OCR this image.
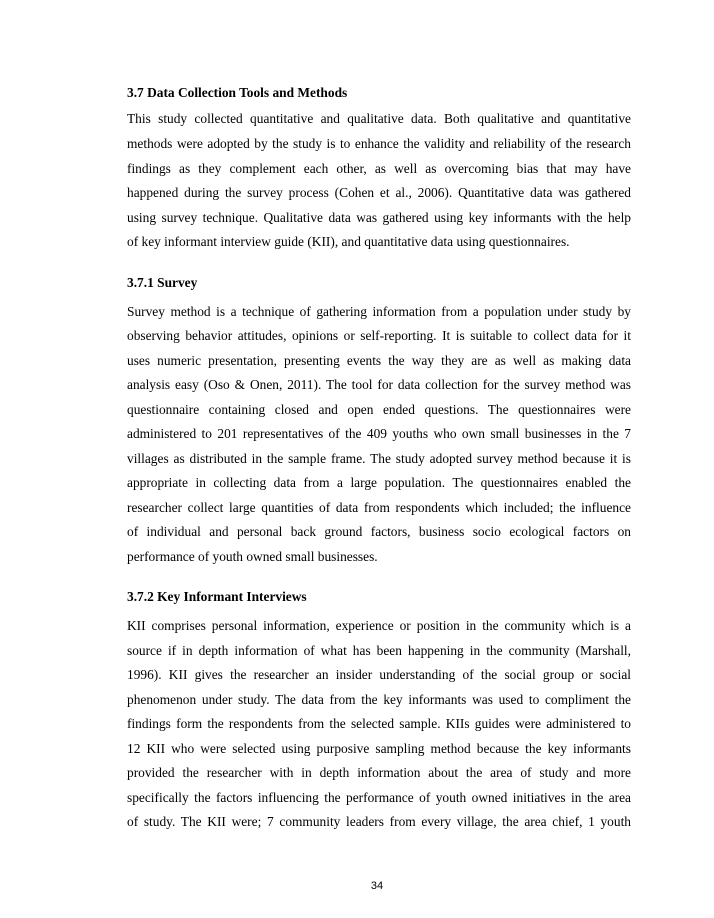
3.7 Data Collection Tools and Methods
This study collected quantitative and qualitative data. Both qualitative and quantitative
methods were adopted by the study is to enhance the validity and reliability of the research
findings as they complement each other, as well as overcoming bias that may have
happened during the survey process (Cohen et al., 2006). Quantitative data was gathered
using survey technique. Qualitative data was gathered using key informants with the help
of key informant interview guide (KII), and quantitative data using questionnaires.
3.7.1 Survey
Survey method is a technique of gathering information from a population under study by
observing behavior attitudes, opinions or self-reporting. It is suitable to collect data for it
uses numeric presentation, presenting events the way they are as well as making data
analysis easy (Oso & Onen, 2011). The tool for data collection for the survey method was
questionnaire containing closed and open ended questions. The questionnaires were
administered to 201 representatives of the 409 youths who own small businesses in the 7
villages as distributed in the sample frame. The study adopted survey method because it is
appropriate in collecting data from a large population. The questionnaires enabled the
researcher collect large quantities of data from respondents which included; the influence
of individual and personal back ground factors, business socio ecological factors on
performance of youth owned small businesses.
3.7.2 Key Informant Interviews
KII comprises personal information, experience or position in the community which is a
source if in depth information of what has been happening in the community (Marshall,
1996). KII gives the researcher an insider understanding of the social group or social
phenomenon under study. The data from the key informants was used to compliment the
findings form the respondents from the selected sample. KIIs guides were administered to
12 KII who were selected using purposive sampling method because the key informants
provided the researcher with in depth information about the area of study and more
specifically the factors influencing the performance of youth owned initiatives in the area
of study. The KII were; 7 community leaders from every village, the area chief, 1 youth
34
